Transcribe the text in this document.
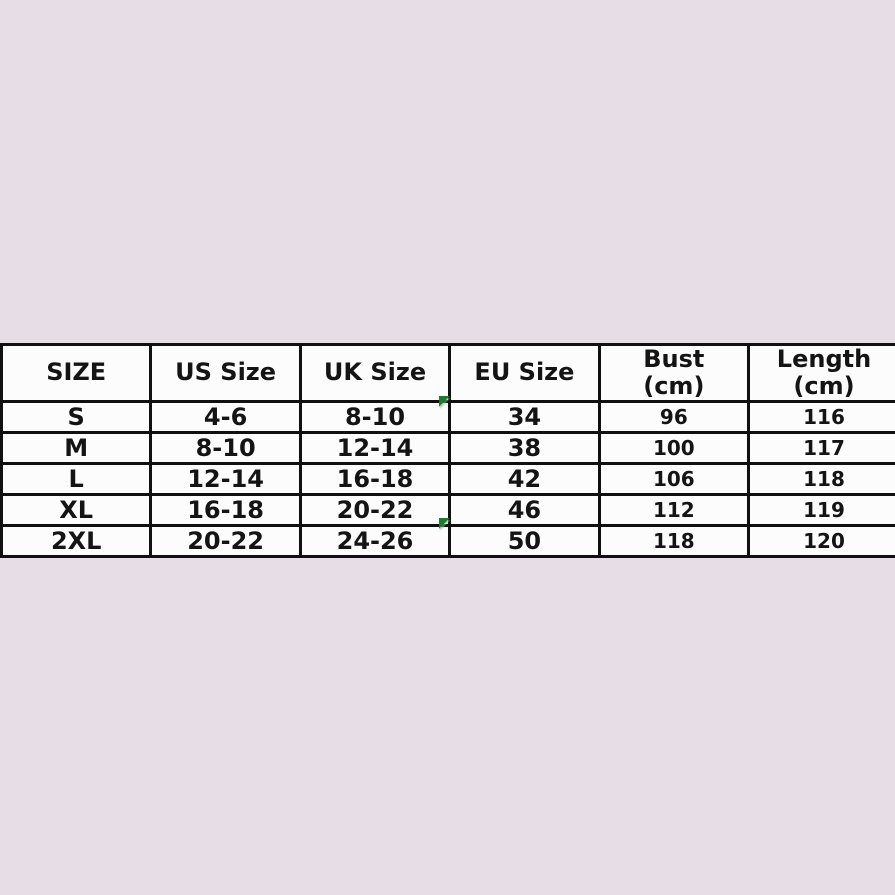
SIZE	US Size	UK Size	EU Size	Bust (cm)	Length (cm)
S	4-6	8-10	34	96	116
M	8-10	12-14	38	100	117
L	12-14	16-18	42	106	118
XL	16-18	20-22	46	112	119
2XL	20-22	24-26	50	118	120
◤
◤
